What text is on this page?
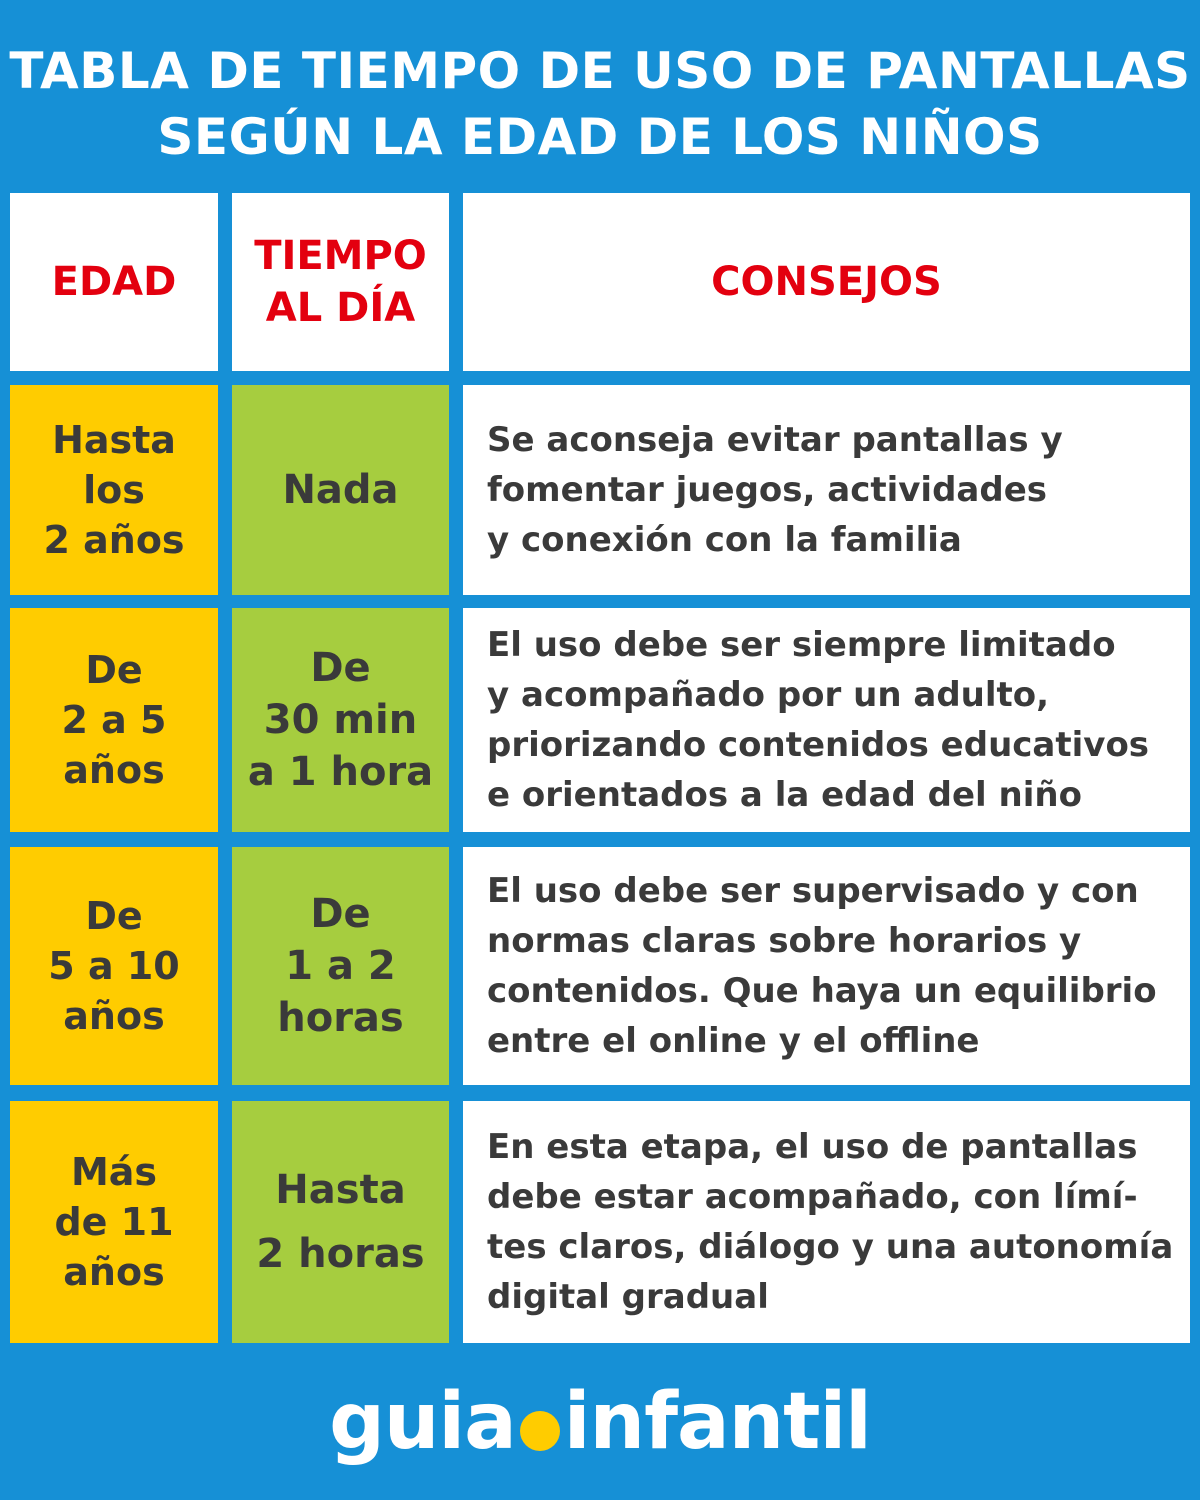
TABLA DE TIEMPO DE USO DE PANTALLAS
SEGÚN LA EDAD DE LOS NIÑOS
EDAD
TIEMPO
AL DÍA
CONSEJOS
Hasta
los
2 años
Nada
Se aconseja evitar pantallas y
fomentar juegos, actividades
y conexión con la familia
De
2 a 5
años
De
30 min
a 1 hora
El uso debe ser siempre limitado
y acompañado por un adulto,
priorizando contenidos educativos
e orientados a la edad del niño
De
5 a 10
años
De
1 a 2
horas
El uso debe ser supervisado y con
normas claras sobre horarios y
contenidos. Que haya un equilibrio
entre el online y el offline
Más
de 11
años
Hasta
2 horas
En esta etapa, el uso de pantallas
debe estar acompañado, con límí-
tes claros, diálogo y una autonomía
digital gradual
guia infantil
